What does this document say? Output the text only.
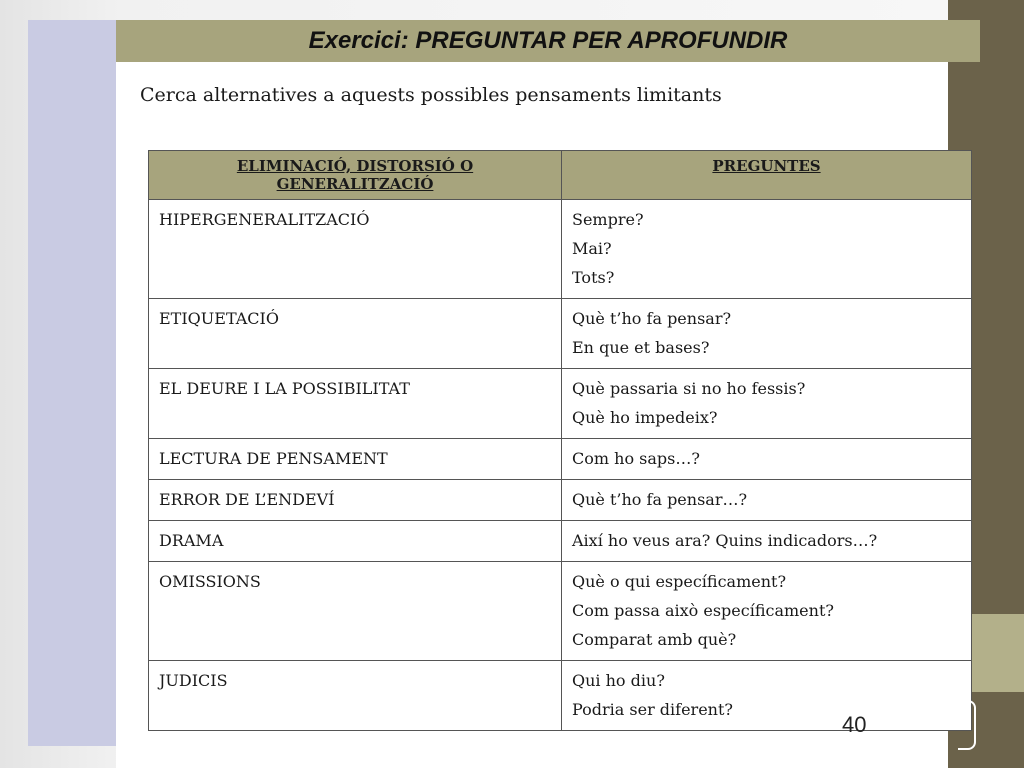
Exercici: PREGUNTAR PER APROFUNDIR
Cerca alternatives a aquests possibles pensaments limitants
ELIMINACIÓ, DISTORSIÓ O GENERALITZACIÓ	PREGUNTES
HIPERGENERALITZACIÓ	Sempre?
Mai?
Tots?

ETIQUETACIÓ	Què t’ho fa pensar?
En que et bases?

EL DEURE I LA POSSIBILITAT	Què passaria si no ho fessis?
Què ho impedeix?

LECTURA DE PENSAMENT	Com ho saps…?

ERROR DE L’ENDEVÍ	Què t’ho fa pensar…?

DRAMA	Així ho veus ara? Quins indicadors…?

OMISSIONS	Què o qui específicament?
Com passa això específicament?
Comparat amb què?

JUDICIS	Qui ho diu?
Podria ser diferent?
40
